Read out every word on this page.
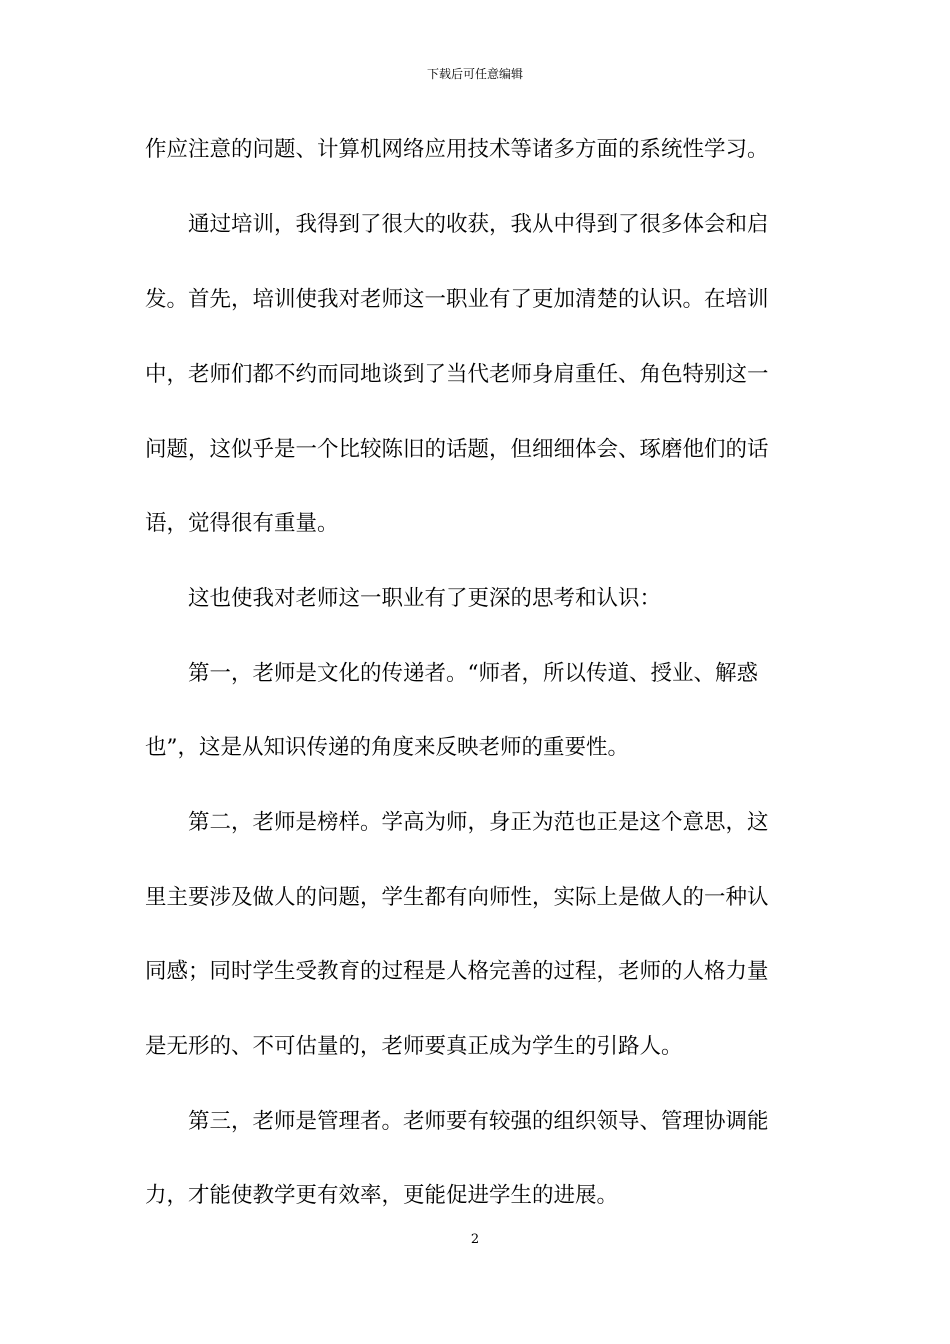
下载后可任意编辑
作应注意的问题、计算机网络应用技术等诸多方面的系统性学习。
　　通过培训，我得到了很大的收获，我从中得到了很多体会和启
发。首先，培训使我对老师这一职业有了更加清楚的认识。在培训
中，老师们都不约而同地谈到了当代老师身肩重任、角色特别这一
问题，这似乎是一个比较陈旧的话题，但细细体会、琢磨他们的话
语，觉得很有重量。
　　这也使我对老师这一职业有了更深的思考和认识：
　　第一，老师是文化的传递者。“师者，所以传道、授业、解惑
也”，这是从知识传递的角度来反映老师的重要性。
　　第二，老师是榜样。学高为师，身正为范也正是这个意思，这
里主要涉及做人的问题，学生都有向师性，实际上是做人的一种认
同感；同时学生受教育的过程是人格完善的过程，老师的人格力量
是无形的、不可估量的，老师要真正成为学生的引路人。
　　第三，老师是管理者。老师要有较强的组织领导、管理协调能
力，才能使教学更有效率，更能促进学生的进展。
2
